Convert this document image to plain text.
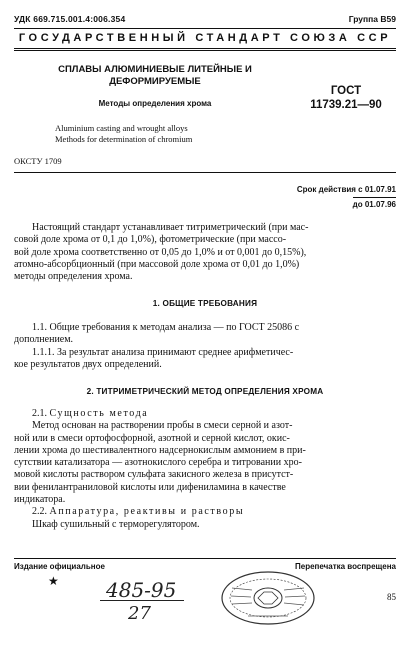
УДК 669.715.001.4:006.354	Группа В59
ГОСУДАРСТВЕННЫЙ СТАНДАРТ СОЮЗА ССР
СПЛАВЫ АЛЮМИНИЕВЫЕ ЛИТЕЙНЫЕ И
ДЕФОРМИРУЕМЫЕ
Методы определения хрома
Aluminium casting and wrought alloys
Methods for determination of chromium
ГОСТ
11739.21—90
ОКСТУ 1709
Срок действия с 01.07.91
до 01.07.96
Настоящий стандарт устанавливает титриметрический (при мас-
совой доле хрома от 0,1 до 1,0%), фотометрические (при массо-
вой доле хрома соответственно от 0,05 до 1,0% и от 0,001 до 0,15%),
атомно-абсорбционный (при массовой доле хрома от 0,01 до 1,0%)
методы определения хрома.
1. ОБЩИЕ ТРЕБОВАНИЯ
1.1. Общие требования к методам анализа — по ГОСТ 25086 с
дополнением.
1.1.1. За результат анализа принимают среднее арифметичес-
кое результатов двух определений.
2. ТИТРИМЕТРИЧЕСКИЙ МЕТОД ОПРЕДЕЛЕНИЯ ХРОМА
2.1. Сущность метода
Метод основан на растворении пробы в смеси серной и азот-
ной или в смеси ортофосфорной, азотной и серной кислот, окис-
лении хрома до шестивалентного надсернокислым аммонием в при-
сутствии катализатора — азотнокислого серебра и титровании хро-
мовой кислоты раствором сульфата закисного железа в присутст-
вии фенилантраниловой кислоты или дифениламина в качестве
индикатора.
2.2. Аппаратура, реактивы и растворы
Шкаф сушильный с терморегулятором.
Издание официальное	Перепечатка воспрещена
★ 485-95
27
85
